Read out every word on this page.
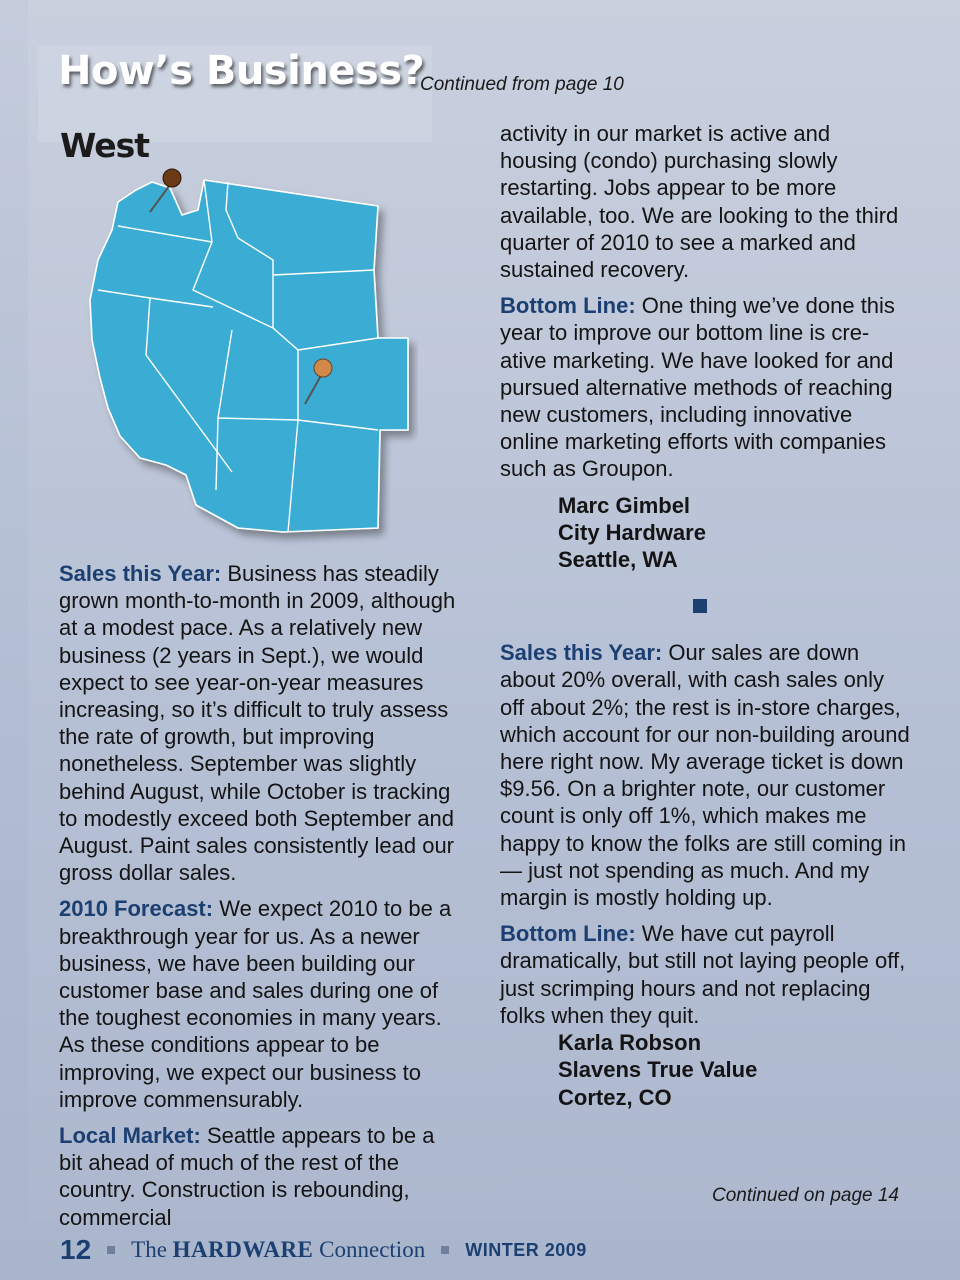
How’s Business?
Continued from page 10
West

Sales this Year: Business has steadily grown month-to-month in 2009, although at a modest pace. As a relatively new business (2 years in Sept.), we would expect to see year-on-year measures increasing, so it’s difficult to truly assess the rate of growth, but improving nonetheless. September was slightly behind August, while October is tracking to modestly exceed both September and August. Paint sales consistently lead our gross dollar sales.

2010 Forecast: We expect 2010 to be a breakthrough year for us. As a newer business, we have been building our customer base and sales during one of the toughest economies in many years. As these conditions appear to be improving, we expect our business to improve commensurably.

Local Market: Seattle appears to be a bit ahead of much of the rest of the country. Construction is rebounding, commercial

activity in our market is active and housing (condo) purchasing slowly restarting. Jobs appear to be more available, too. We are looking to the third quarter of 2010 to see a marked and sustained recovery.

Bottom Line: One thing we’ve done this year to improve our bottom line is cre-ative marketing. We have looked for and pursued alternative methods of reaching new customers, including innovative online marketing efforts with companies such as Groupon.

Marc Gimbel
City Hardware
Seattle, WA

Sales this Year: Our sales are down about 20% overall, with cash sales only off about 2%; the rest is in-store charges, which account for our non-building around here right now. My average ticket is down $9.56. On a brighter note, our customer count is only off 1%, which makes me happy to know the folks are still coming in — just not spending as much. And my margin is mostly holding up.

Bottom Line: We have cut payroll dramatically, but still not laying people off, just scrimping hours and not replacing folks when they quit.

Karla Robson
Slavens True Value
Cortez, CO
Continued on page 14
12 The HARDWARE Connection WINTER 2009
